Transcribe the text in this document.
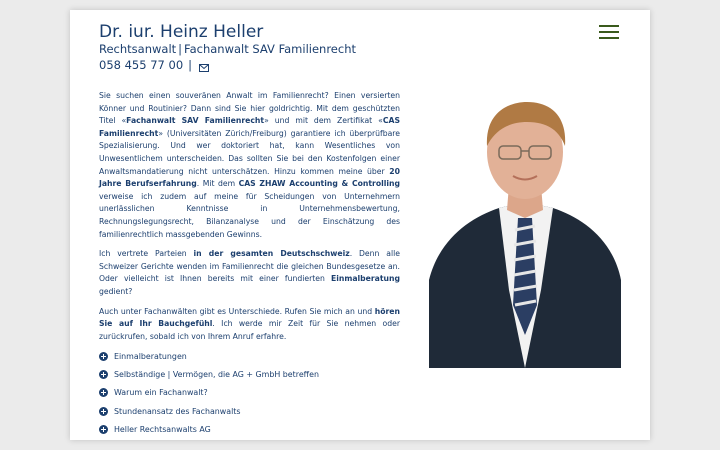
Dr. iur. Heinz Heller
Rechtsanwalt | Fachanwalt SAV Familienrecht
058 455 77 00 |

Sie suchen einen souveränen Anwalt im Familienrecht? Einen versierten Könner und Routinier? Dann sind Sie hier goldrichtig. Mit dem geschützten Titel «Fachanwalt SAV Familienrecht» und mit dem Zertifikat «CAS Familienrecht» (Universitäten Zürich/Freiburg) garantiere ich überprüfbare Spezialisierung. Und wer doktoriert hat, kann Wesentliches von Unwesentlichem unterscheiden. Das sollten Sie bei den Kostenfolgen einer Anwaltsmandatierung nicht unterschätzen. Hinzu kommen meine über 20 Jahre Berufserfahrung. Mit dem CAS ZHAW Accounting & Controlling verweise ich zudem auf meine für Scheidungen von Unternehmern unerlässlichen Kenntnisse in Unternehmensbewertung, Rechnungslegungsrecht, Bilanzanalyse und der Einschätzung des familienrechtlich massgebenden Gewinns.

Ich vertrete Parteien in der gesamten Deutschschweiz. Denn alle Schweizer Gerichte wenden im Familienrecht die gleichen Bundesgesetze an. Oder vielleicht ist Ihnen bereits mit einer fundierten Einmalberatung gedient?

Auch unter Fachanwälten gibt es Unterschiede. Rufen Sie mich an und hören Sie auf Ihr Bauchgefühl. Ich werde mir Zeit für Sie nehmen oder zurückrufen, sobald ich von Ihrem Anruf erfahre.

Einmalberatungen
Selbständige | Vermögen, die AG + GmbH betreffen
Warum ein Fachanwalt?
Stundenansatz des Fachanwalts
Heller Rechtsanwalts AG
